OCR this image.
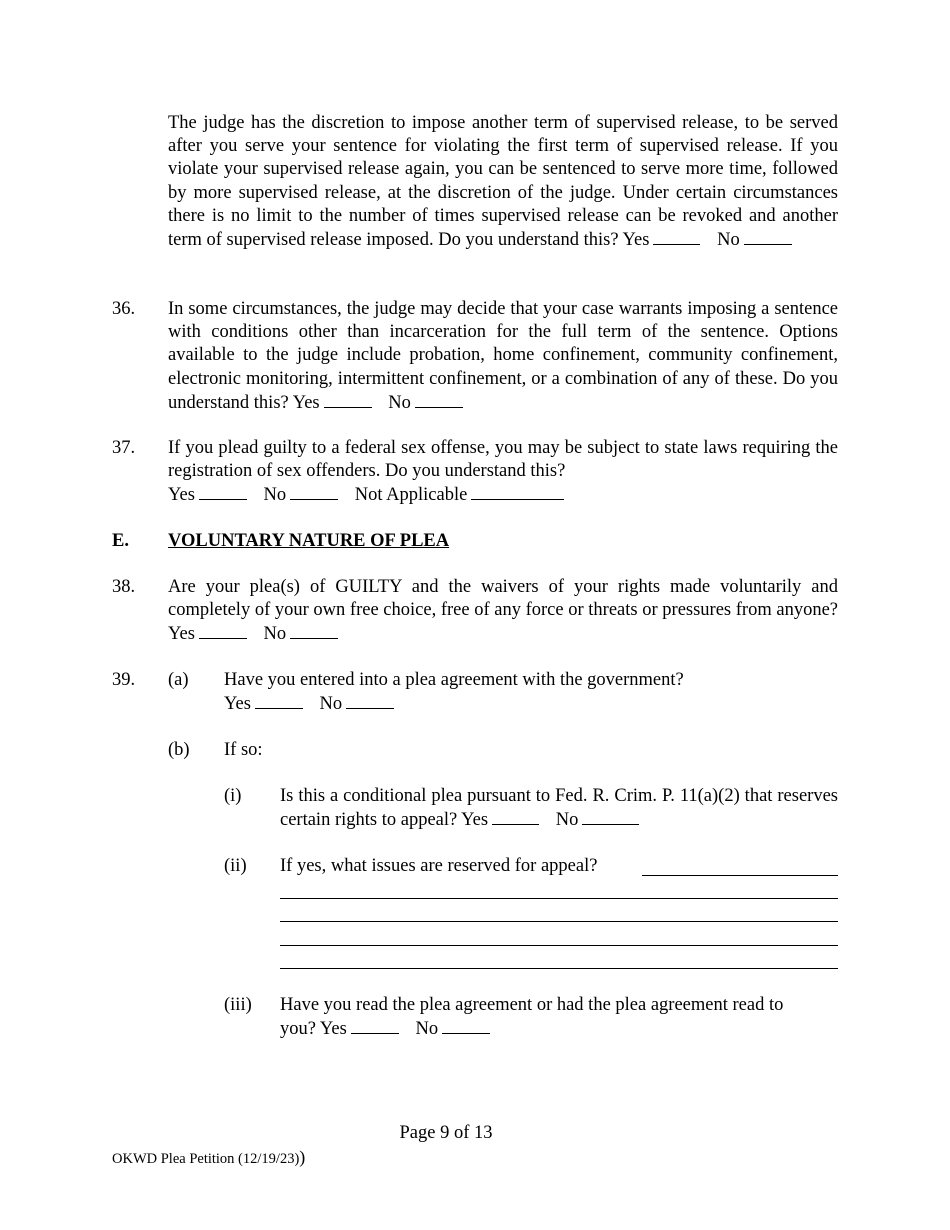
The judge has the discretion to impose another term of supervised release, to be served after you serve your sentence for violating the first term of supervised release. If you violate your supervised release again, you can be sentenced to serve more time, followed by more supervised release, at the discretion of the judge. Under certain circumstances there is no limit to the number of times supervised release can be revoked and another term of supervised release imposed. Do you understand this? Yes	No
36. In some circumstances, the judge may decide that your case warrants imposing a sentence with conditions other than incarceration for the full term of the sentence. Options available to the judge include probation, home confinement, community confinement, electronic monitoring, intermittent confinement, or a combination of any of these. Do you understand this? Yes	No
37. If you plead guilty to a federal sex offense, you may be subject to state laws requiring the registration of sex offenders. Do you understand this?
Yes	No	Not Applicable
E. VOLUNTARY NATURE OF PLEA
38. Are your plea(s) of GUILTY and the waivers of your rights made voluntarily and completely of your own free choice, free of any force or threats or pressures from anyone? Yes	No
39. (a) Have you entered into a plea agreement with the government?
Yes	No
(b) If so:
(i) Is this a conditional plea pursuant to Fed. R. Crim. P. 11(a)(2) that reserves certain rights to appeal? Yes	No
(ii) If yes, what issues are reserved for appeal?
(iii) Have you read the plea agreement or had the plea agreement read to you? Yes	No
Page 9 of 13
OKWD Plea Petition (12/19/23))
